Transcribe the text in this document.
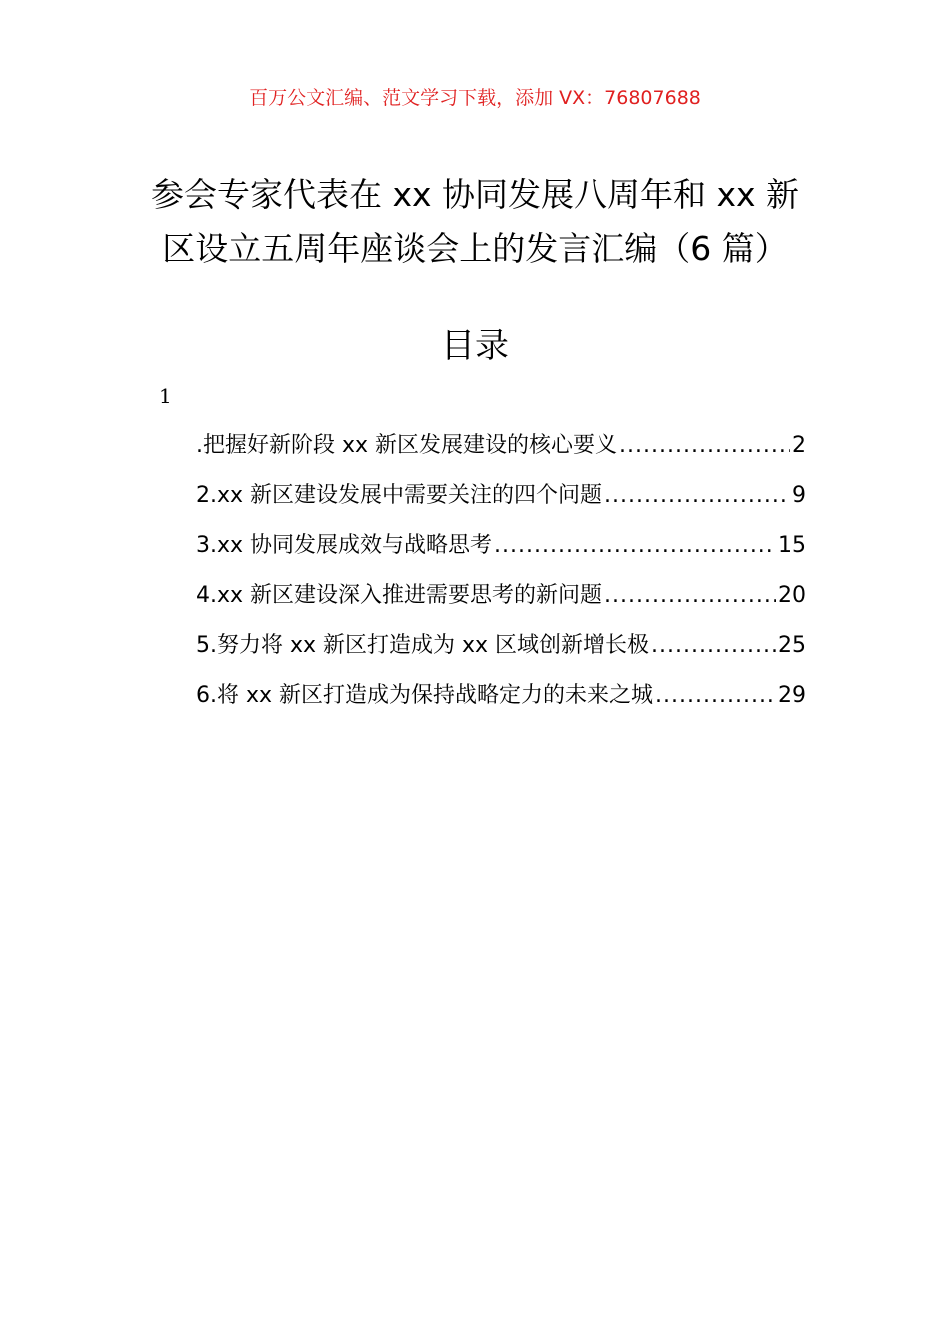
百万公文汇编、范文学习下载，添加 VX：76807688
参会专家代表在 xx 协同发展八周年和 xx 新
区设立五周年座谈会上的发言汇编（6 篇）
目录
1
.把握好新阶段 xx 新区发展建设的核心要义 .....	2
2.xx 新区建设发展中需要关注的四个问题 .....	9
3.xx 协同发展成效与战略思考 .....	15
4.xx 新区建设深入推进需要思考的新问题 .....	20
5.努力将 xx 新区打造成为 xx 区域创新增长极 .....	25
6.将 xx 新区打造成为保持战略定力的未来之城 .....	29
